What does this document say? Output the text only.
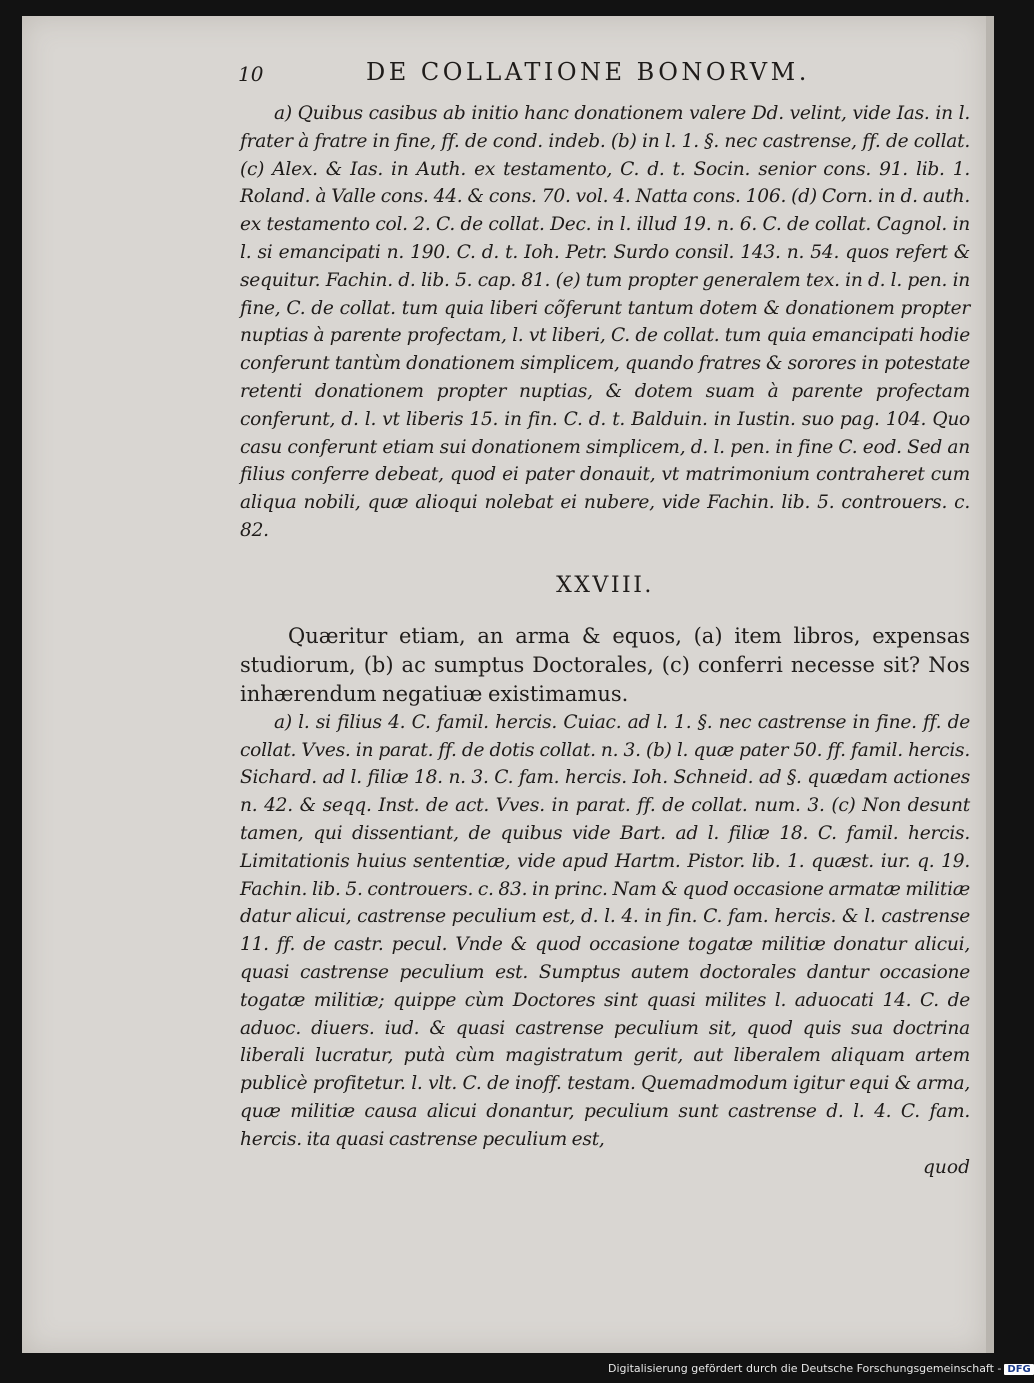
10	DE COLLATIONE BONORVM.

a) Quibus casibus ab initio hanc donationem valere Dd. velint, vide Ias. in l. frater à fratre in fine, ff. de cond. indeb. (b) in l. 1. §. nec castrense, ff. de collat. (c) Alex. & Ias. in Auth. ex testamento, C. d. t. Socin. senior cons. 91. lib. 1. Roland. à Valle cons. 44. & cons. 70. vol. 4. Natta cons. 106. (d) Corn. in d. auth. ex testamento col. 2. C. de collat. Dec. in l. illud 19. n. 6. C. de collat. Cagnol. in l. si emancipati n. 190. C. d. t. Ioh. Petr. Surdo consil. 143. n. 54. quos refert & sequitur. Fachin. d. lib. 5. cap. 81. (e) tum propter generalem tex. in d. l. pen. in fine, C. de collat. tum quia liberi cõferunt tantum dotem & donationem propter nuptias à parente profectam, l. vt liberi, C. de collat. tum quia emancipati hodie conferunt tantùm donationem simplicem, quando fratres & sorores in potestate retenti donationem propter nuptias, & dotem suam à parente profectam conferunt, d. l. vt liberis 15. in fin. C. d. t. Balduin. in Iustin. suo pag. 104. Quo casu conferunt etiam sui donationem simplicem, d. l. pen. in fine C. eod. Sed an filius conferre debeat, quod ei pater donauit, vt matrimonium contraheret cum aliqua nobili, quæ alioqui nolebat ei nubere, vide Fachin. lib. 5. controuers. c. 82.

XXVIII.

Quæritur etiam, an arma & equos, (a) item libros, expensas studiorum, (b) ac sumptus Doctorales, (c) conferri necesse sit? Nos inhærendum negatiuæ existimamus.

a) l. si filius 4. C. famil. hercis. Cuiac. ad l. 1. §. nec castrense in fine. ff. de collat. Vves. in parat. ff. de dotis collat. n. 3. (b) l. quæ pater 50. ff. famil. hercis. Sichard. ad l. filiæ 18. n. 3. C. fam. hercis. Ioh. Schneid. ad §. quædam actiones n. 42. & seqq. Inst. de act. Vves. in parat. ff. de collat. num. 3. (c) Non desunt tamen, qui dissentiant, de quibus vide Bart. ad l. filiæ 18. C. famil. hercis. Limitationis huius sententiæ, vide apud Hartm. Pistor. lib. 1. quæst. iur. q. 19. Fachin. lib. 5. controuers. c. 83. in princ. Nam & quod occasione armatæ militiæ datur alicui, castrense peculium est, d. l. 4. in fin. C. fam. hercis. & l. castrense 11. ff. de castr. pecul. Vnde & quod occasione togatæ militiæ donatur alicui, quasi castrense peculium est. Sumptus autem doctorales dantur occasione togatæ militiæ; quippe cùm Doctores sint quasi milites l. aduocati 14. C. de aduoc. diuers. iud. & quasi castrense peculium sit, quod quis sua doctrina liberali lucratur, putà cùm magistratum gerit, aut liberalem aliquam artem publicè profitetur. l. vlt. C. de inoff. testam. Quemadmodum igitur equi & arma, quæ militiæ causa alicui donantur, peculium sunt castrense d. l. 4. C. fam. hercis. ita quasi castrense peculium est,

quod
Digitalisierung gefördert durch die Deutsche Forschungsgemeinschaft - DFG
